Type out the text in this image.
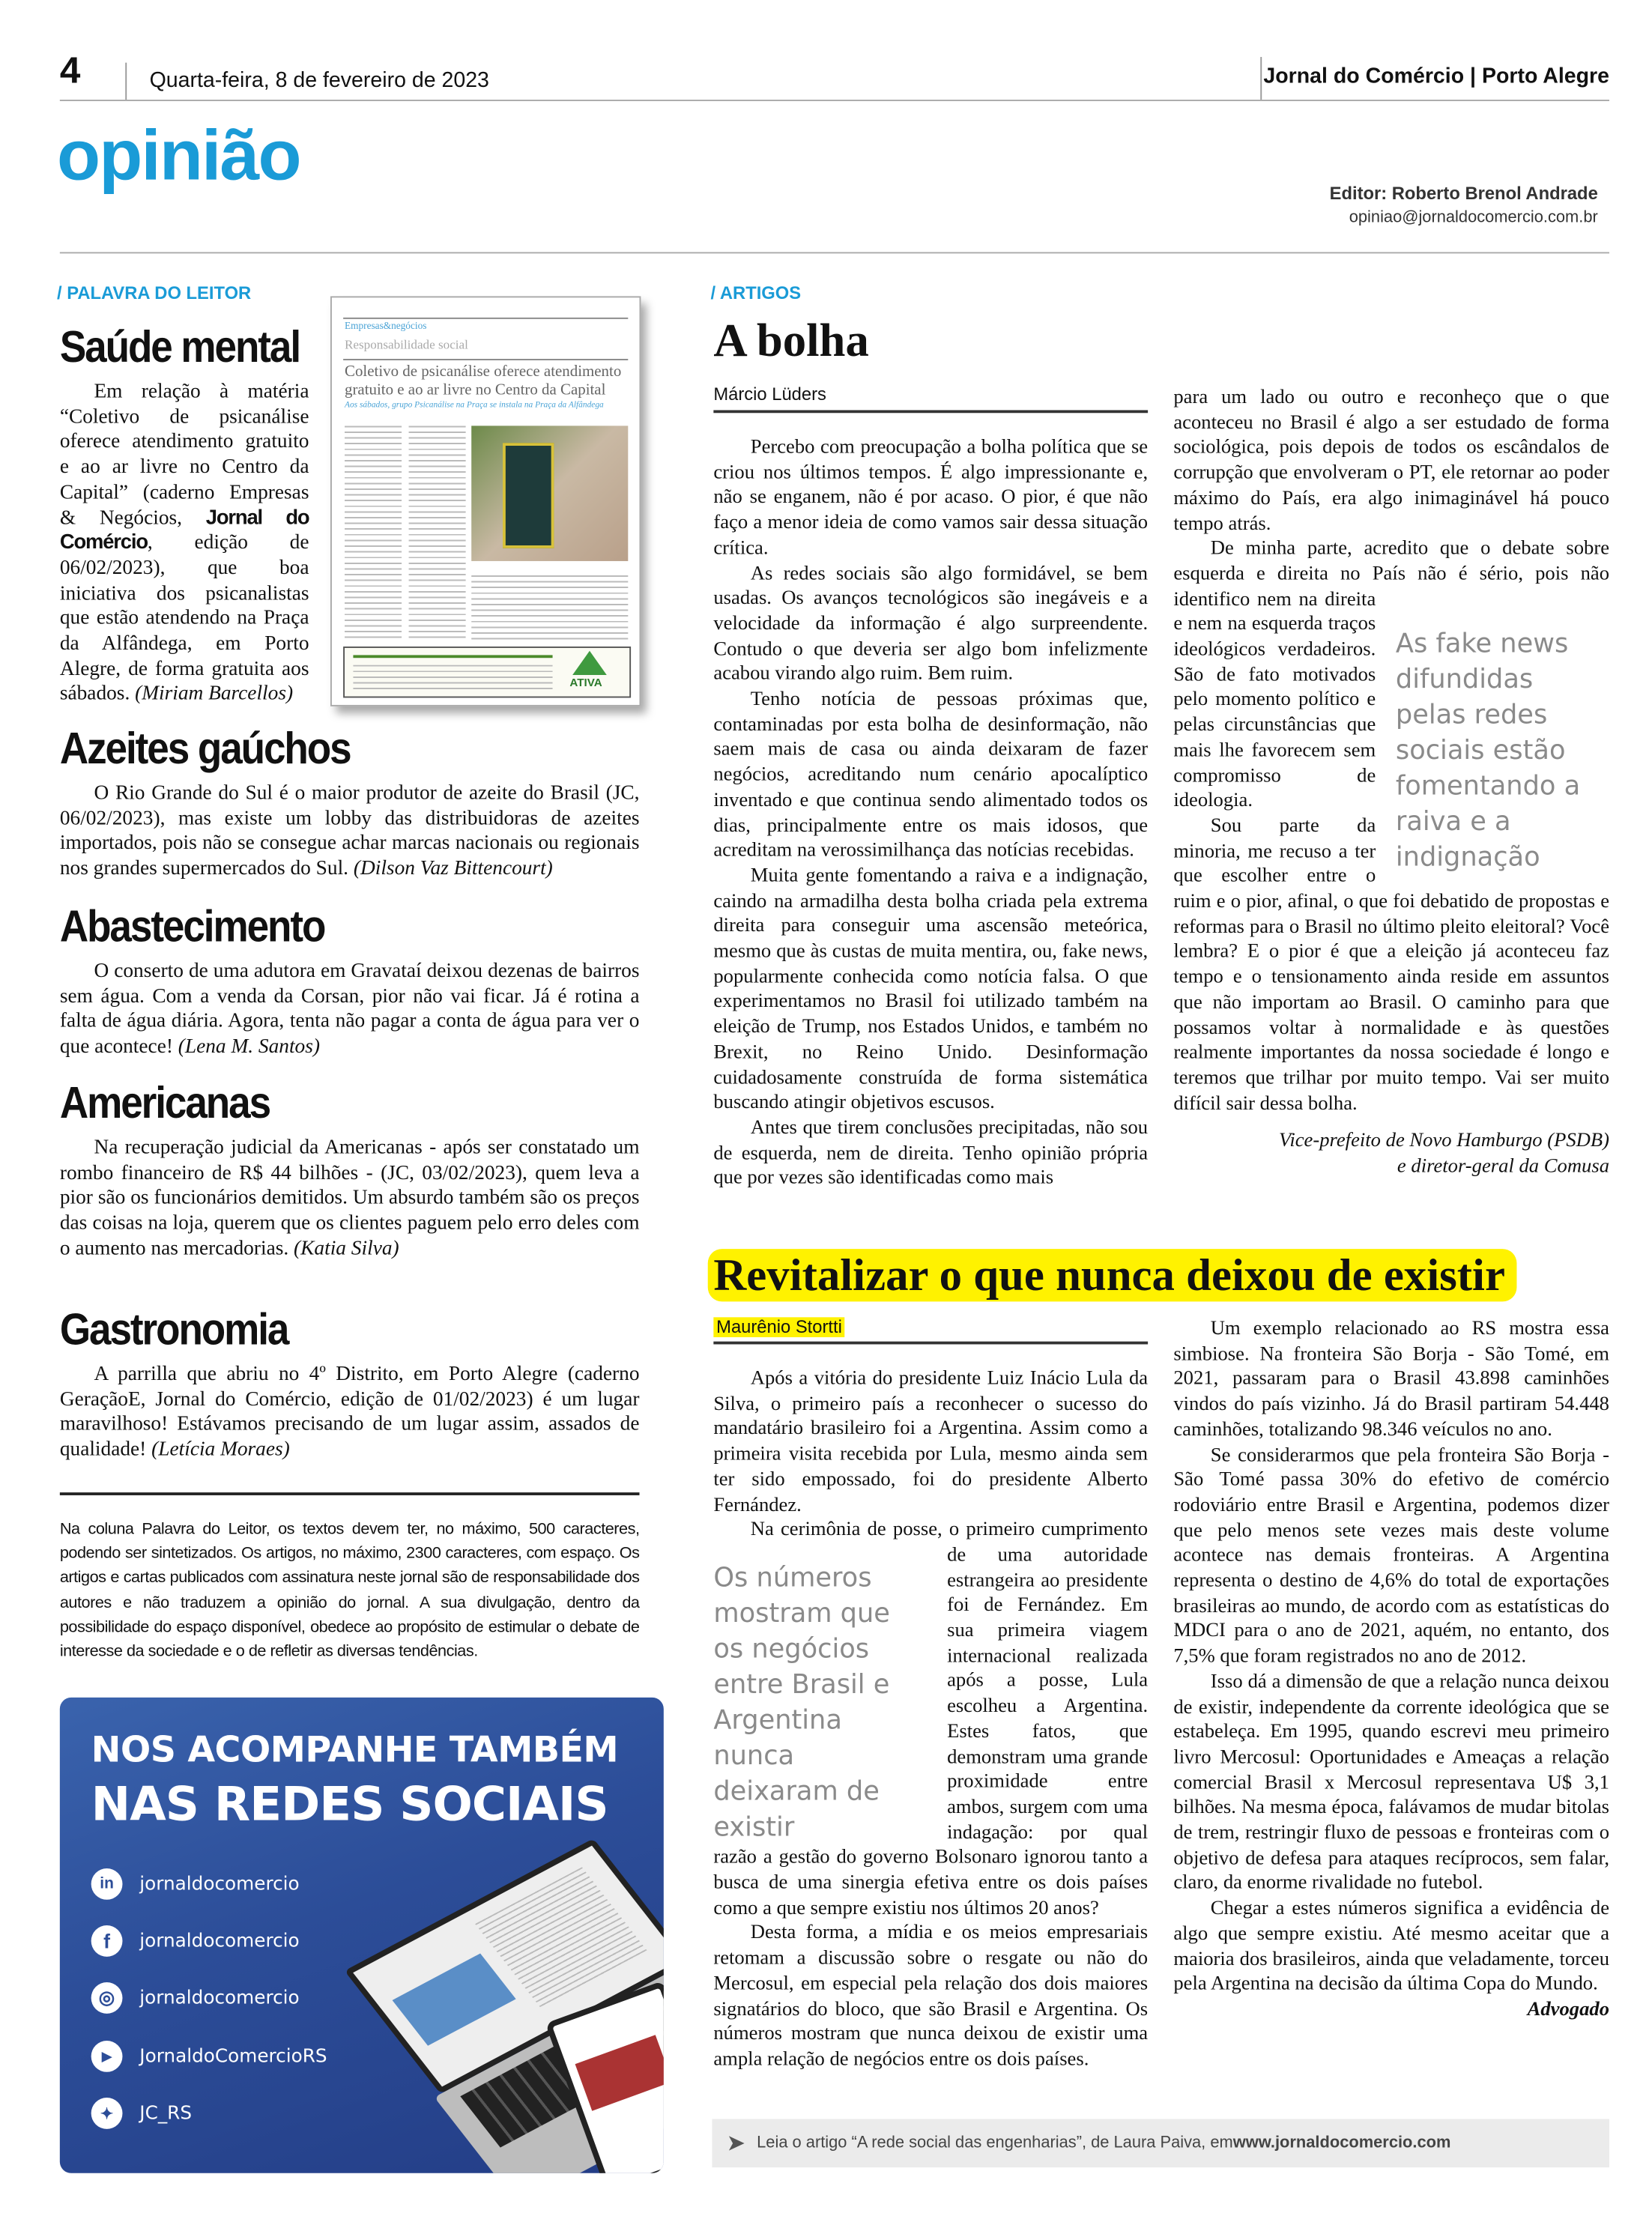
4	Quarta-feira, 8 de fevereiro de 2023	Jornal do Comércio | Porto Alegre
opinião	Editor: Roberto Brenol Andrade
opiniao@jornaldocomercio.com.br
/ PALAVRA DO LEITOR
Empresas&negócios
Responsabilidade social
Coletivo de psicanálise oferece atendimento gratuito e ao ar livre no Centro da Capital
Aos sábados, grupo Psicanálise na Praça se instala na Praça da Alfândega
ATIVA
Saúde mental

Em relação à matéria “Coletivo de psicanálise oferece atendimento gratuito e ao ar livre no Centro da Capital” (caderno Empresas & Negócios, Jornal do Comércio, edição de 06/02/2023), que boa iniciativa dos psicanalistas que estão atendendo na Praça da Alfândega, em Porto Alegre, de forma gratuita aos sábados. (Miriam Barcellos)

Azeites gaúchos

O Rio Grande do Sul é o maior produtor de azeite do Brasil (JC, 06/02/2023), mas existe um lobby das distribuidoras de azeites importados, pois não se consegue achar marcas nacionais ou regionais nos grandes supermercados do Sul. (Dilson Vaz Bittencourt)

Abastecimento

O conserto de uma adutora em Gravataí deixou dezenas de bairros sem água. Com a venda da Corsan, pior não vai ficar. Já é rotina a falta de água diária. Agora, tenta não pagar a conta de água para ver o que acontece! (Lena M. Santos)

Americanas

Na recuperação judicial da Americanas - após ser constatado um rombo financeiro de R$ 44 bilhões - (JC, 03/02/2023), quem leva a pior são os funcionários demitidos. Um absurdo também são os preços das coisas na loja, querem que os clientes paguem pelo erro deles com o aumento nas mercadorias. (Katia Silva)

Gastronomia

A parrilla que abriu no 4º Distrito, em Porto Alegre (caderno GeraçãoE, Jornal do Comércio, edição de 01/02/2023) é um lugar maravilhoso! Estávamos precisando de um lugar assim, assados de qualidade! (Letícia Moraes)

Na coluna Palavra do Leitor, os textos devem ter, no máximo, 500 caracteres, podendo ser sintetizados. Os artigos, no máximo, 2300 caracteres, com espaço. Os artigos e cartas publicados com assinatura neste jornal são de responsabilidade dos autores e não traduzem a opinião do jornal. A sua divulgação, dentro da possibilidade do espaço disponível, obedece ao propósito de estimular o debate de interesse da sociedade e o de refletir as diversas tendências.
NOS ACOMPANHE TAMBÉM
NAS REDES SOCIAIS
in	jornaldocomercio
f	jornaldocomercio
◎	jornaldocomercio
▶	JornaldoComercioRS
✦	JC_RS
/ ARTIGOS
A bolha
Márcio Lüders

Percebo com preocupação a bolha política que se criou nos últimos tempos. É algo impressionante e, não se enganem, não é por acaso. O pior, é que não faço a menor ideia de como vamos sair dessa situação crítica.

As redes sociais são algo formidável, se bem usadas. Os avanços tecnológicos são inegáveis e a velocidade da informação é algo surpreendente. Contudo o que deveria ser algo bom infelizmente acabou virando algo ruim. Bem ruim.

Tenho notícia de pessoas próximas que, contaminadas por esta bolha de desinformação, não saem mais de casa ou ainda deixaram de fazer negócios, acreditando num cenário apocalíptico inventado e que continua sendo alimentado todos os dias, principalmente entre os mais idosos, que acreditam na verossimilhança das notícias recebidas.

Muita gente fomentando a raiva e a indignação, caindo na armadilha desta bolha criada pela extrema direita para conseguir uma ascensão meteórica, mesmo que às custas de muita mentira, ou, fake news, popularmente conhecida como notícia falsa. O que experimentamos no Brasil foi utilizado também na eleição de Trump, nos Estados Unidos, e também no Brexit, no Reino Unido. Desinformação cuidadosamente construída de forma sistemática buscando atingir objetivos escusos.

Antes que tirem conclusões precipitadas, não sou de esquerda, nem de direita. Tenho opinião própria que por vezes são identificadas como mais

para um lado ou outro e reconheço que o que aconteceu no Brasil é algo a ser estudado de forma sociológica, pois depois de todos os escândalos de corrupção que envolveram o PT, ele retornar ao poder máximo do País, era algo inimaginável há pouco tempo atrás.

As fake news difundidas pelas redes sociais estão fomentando a raiva e a indignação
De minha parte, acredito que o debate sobre esquerda e direita no País não é sério, pois não identifico nem na direita e nem na esquerda traços ideológicos verdadeiros. São de fato motivados pelo momento político e pelas circunstâncias que mais lhe favorecem sem compromisso de ideologia.

Sou parte da minoria, me recuso a ter que escolher entre o ruim e o pior, afinal, o que foi debatido de propostas e reformas para o Brasil no último pleito eleitoral? Você lembra? E o pior é que a eleição já aconteceu faz tempo e o tensionamento ainda reside em assuntos que não importam ao Brasil. O caminho para que possamos voltar à normalidade e às questões realmente importantes da nossa sociedade é longo e teremos que trilhar por muito tempo. Vai ser muito difícil sair dessa bolha.

Vice-prefeito de Novo Hamburgo (PSDB)
e diretor-geral da Comusa
Revitalizar o que nunca deixou de existir
Maurênio Stortti

Após a vitória do presidente Luiz Inácio Lula da Silva, o primeiro país a reconhecer o sucesso do mandatário brasileiro foi a Argentina. Assim como a primeira visita recebida por Lula, mesmo ainda sem ter sido empossado, foi do presidente Alberto Fernández.

Os números mostram que os negócios entre Brasil e Argentina nunca deixaram de existir
Na cerimônia de posse, o primeiro cumprimento de uma autoridade estrangeira ao presidente foi de Fernández. Em sua primeira viagem internacional realizada após a posse, Lula escolheu a Argentina. Estes fatos, que demonstram uma grande proximidade entre ambos, surgem com uma indagação: por qual razão a gestão do governo Bolsonaro ignorou tanto a busca de uma sinergia efetiva entre os dois países como a que sempre existiu nos últimos 20 anos?

Desta forma, a mídia e os meios empresariais retomam a discussão sobre o resgate ou não do Mercosul, em especial pela relação dos dois maiores signatários do bloco, que são Brasil e Argentina. Os números mostram que nunca deixou de existir uma ampla relação de negócios entre os dois países.

Um exemplo relacionado ao RS mostra essa simbiose. Na fronteira São Borja - São Tomé, em 2021, passaram para o Brasil 43.898 caminhões vindos do país vizinho. Já do Brasil partiram 54.448 caminhões, totalizando 98.346 veículos no ano.

Se considerarmos que pela fronteira São Borja - São Tomé passa 30% do efetivo de comércio rodoviário entre Brasil e Argentina, podemos dizer que pelo menos sete vezes mais deste volume acontece nas demais fronteiras. A Argentina representa o destino de 4,6% do total de exportações brasileiras ao mundo, de acordo com as estatísticas do MDCI para o ano de 2021, aquém, no entanto, dos 7,5% que foram registrados no ano de 2012.

Isso dá a dimensão de que a relação nunca deixou de existir, independente da corrente ideológica que se estabeleça. Em 1995, quando escrevi meu primeiro livro Mercosul: Oportunidades e Ameaças a relação comercial Brasil x Mercosul representava U$ 3,1 bilhões. Na mesma época, falávamos de mudar bitolas de trem, restringir fluxo de pessoas e fronteiras com o objetivo de defesa para ataques recíprocos, sem falar, claro, da enorme rivalidade no futebol.

Chegar a estes números significa a evidência de algo que sempre existiu. Até mesmo aceitar que a maioria dos brasileiros, ainda que veladamente, torceu pela Argentina na decisão da última Copa do Mundo.

Advogado
➤ Leia o artigo “A rede social das engenharias”, de Laura Paiva, em www.jornaldocomercio.com
